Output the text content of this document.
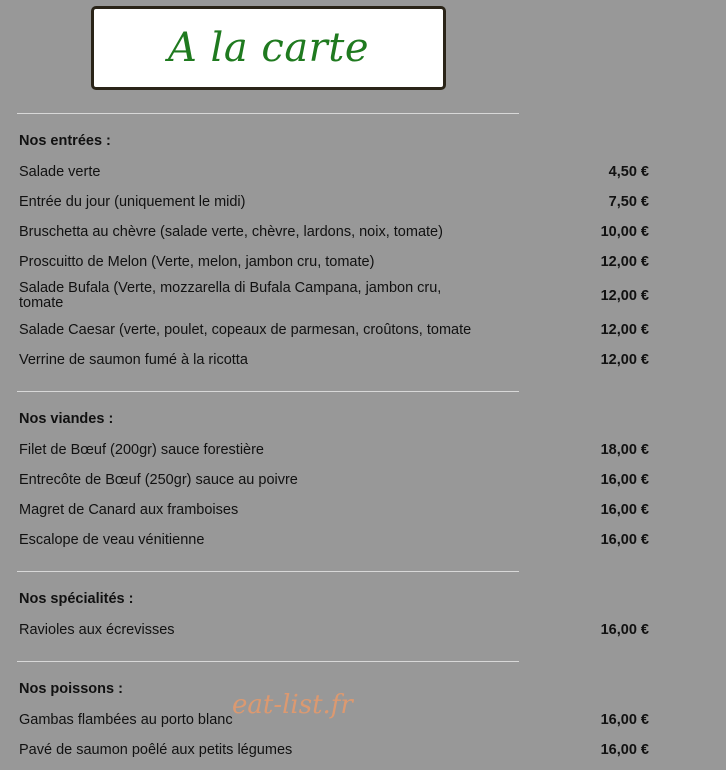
A la carte
Nos entrées :
Salade verte	4,50 €
Entrée du jour (uniquement le midi)	7,50 €
Bruschetta au chèvre (salade verte, chèvre, lardons, noix, tomate)	10,00 €
Proscuitto de Melon (Verte, melon, jambon cru, tomate)	12,00 €
Salade Bufala (Verte, mozzarella di Bufala Campana, jambon cru, tomate	12,00 €
Salade Caesar (verte, poulet, copeaux de parmesan, croûtons, tomate	12,00 €
Verrine de saumon fumé à la ricotta	12,00 €
Nos viandes :
Filet de Bœuf (200gr) sauce forestière	18,00 €
Entrecôte de Bœuf (250gr) sauce au poivre	16,00 €
Magret de Canard aux framboises	16,00 €
Escalope de veau vénitienne	16,00 €
Nos spécialités :
Ravioles aux écrevisses	16,00 €
Nos poissons :
Gambas flambées au porto blanc	16,00 €
Pavé de saumon poêlé aux petits légumes	16,00 €
eat-list.fr
